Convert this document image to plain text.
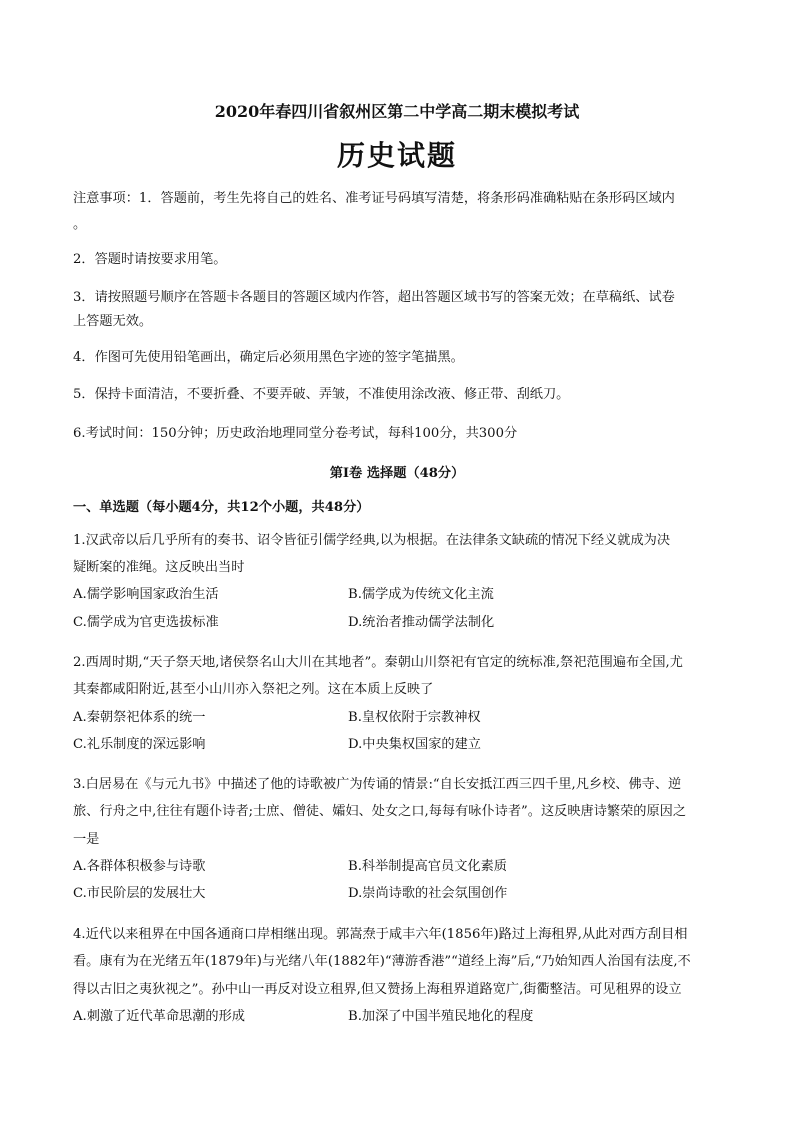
2020年春四川省叙州区第二中学高二期末模拟考试
历史试题
注意事项：1．答题前，考生先将自己的姓名、准考证号码填写清楚，将条形码准确粘贴在条形码区域内
。
2．答题时请按要求用笔。
3．请按照题号顺序在答题卡各题目的答题区域内作答，超出答题区域书写的答案无效；在草稿纸、试卷
上答题无效。
4．作图可先使用铅笔画出，确定后必须用黑色字迹的签字笔描黑。
5．保持卡面清洁，不要折叠、不要弄破、弄皱，不准使用涂改液、修正带、刮纸刀。
6.考试时间：150分钟；历史政治地理同堂分卷考试，每科100分，共300分
第Ⅰ卷 选择题（48分）
一、单选题（每小题4分，共12个小题，共48分）
1.汉武帝以后几乎所有的奏书、诏令皆征引儒学经典,以为根据。在法律条文缺疏的情况下经义就成为决
疑断案的准绳。这反映出当时
A.儒学影响国家政治生活	B.儒学成为传统文化主流
C.儒学成为官吏选拔标准	D.统治者推动儒学法制化
2.西周时期,“天子祭天地,诸侯祭名山大川在其地者”。秦朝山川祭祀有官定的统标准,祭祀范围遍布全国,尤
其秦都咸阳附近,甚至小山川亦入祭祀之列。这在本质上反映了
A.秦朝祭祀体系的统一	B.皇权依附于宗教神权
C.礼乐制度的深远影响	D.中央集权国家的建立
3.白居易在《与元九书》中描述了他的诗歌被广为传诵的情景:“自长安抵江西三四千里,凡乡校、佛寺、逆
旅、行舟之中,往往有题仆诗者;士庶、僧徒、孀妇、处女之口,每每有咏仆诗者”。这反映唐诗繁荣的原因之
一是
A.各群体积极参与诗歌	B.科举制提高官员文化素质
C.市民阶层的发展壮大	D.崇尚诗歌的社会氛围创作
4.近代以来租界在中国各通商口岸相继出现。郭嵩焘于咸丰六年(1856年)路过上海租界,从此对西方刮目相
看。康有为在光绪五年(1879年)与光绪八年(1882年)“薄游香港”“道经上海”后,“乃始知西人治国有法度,不
得以古旧之夷狄视之”。孙中山一再反对设立租界,但又赞扬上海租界道路宽广,街衢整洁。可见租界的设立
A.刺激了近代革命思潮的形成	B.加深了中国半殖民地化的程度
